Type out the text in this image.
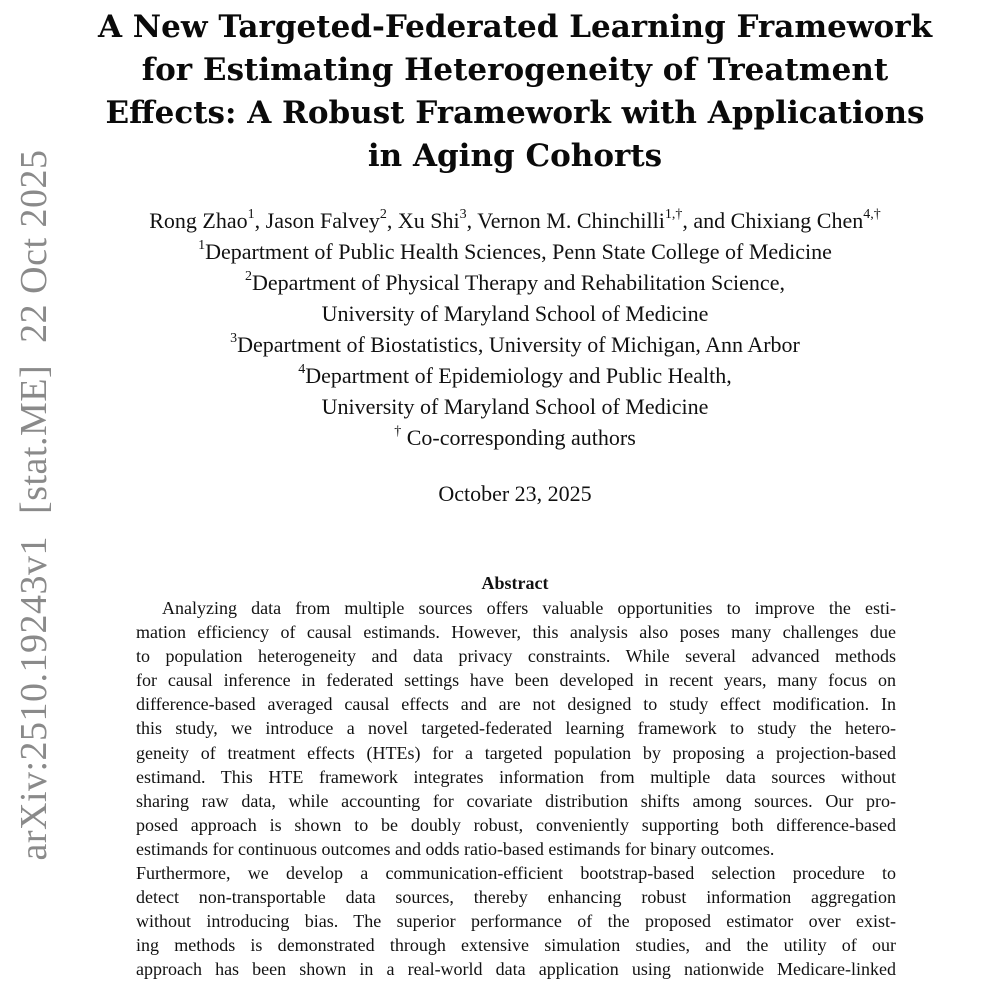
arXiv:2510.19243v1[stat.ME]22 Oct 2025
A New Targeted-Federated Learning Framework
for Estimating Heterogeneity of Treatment
Effects: A Robust Framework with Applications
in Aging Cohorts
Rong Zhao$^1$, Jason Falvey$^2$, Xu Shi$^3$, Vernon M. Chinchilli$^{1,\dagger}$, and Chixiang Chen$^{4,\dagger}$
$^1$Department of Public Health Sciences, Penn State College of Medicine
$^2$Department of Physical Therapy and Rehabilitation Science,
University of Maryland School of Medicine
$^3$Department of Biostatistics, University of Michigan, Ann Arbor
$^4$Department of Epidemiology and Public Health,
University of Maryland School of Medicine
† Co-corresponding authors
October 23, 2025
Abstract
Analyzing data from multiple sources offers valuable opportunities to improve the esti-
mation efficiency of causal estimands. However, this analysis also poses many challenges due
to population heterogeneity and data privacy constraints. While several advanced methods
for causal inference in federated settings have been developed in recent years, many focus on
difference-based averaged causal effects and are not designed to study effect modification. In
this study, we introduce a novel targeted-federated learning framework to study the hetero-
geneity of treatment effects (HTEs) for a targeted population by proposing a projection-based
estimand. This HTE framework integrates information from multiple data sources without
sharing raw data, while accounting for covariate distribution shifts among sources. Our pro-
posed approach is shown to be doubly robust, conveniently supporting both difference-based
estimands for continuous outcomes and odds ratio-based estimands for binary outcomes.
Furthermore, we develop a communication-efficient bootstrap-based selection procedure to
detect non-transportable data sources, thereby enhancing robust information aggregation
without introducing bias. The superior performance of the proposed estimator over exist-
ing methods is demonstrated through extensive simulation studies, and the utility of our
approach has been shown in a real-world data application using nationwide Medicare-linked
